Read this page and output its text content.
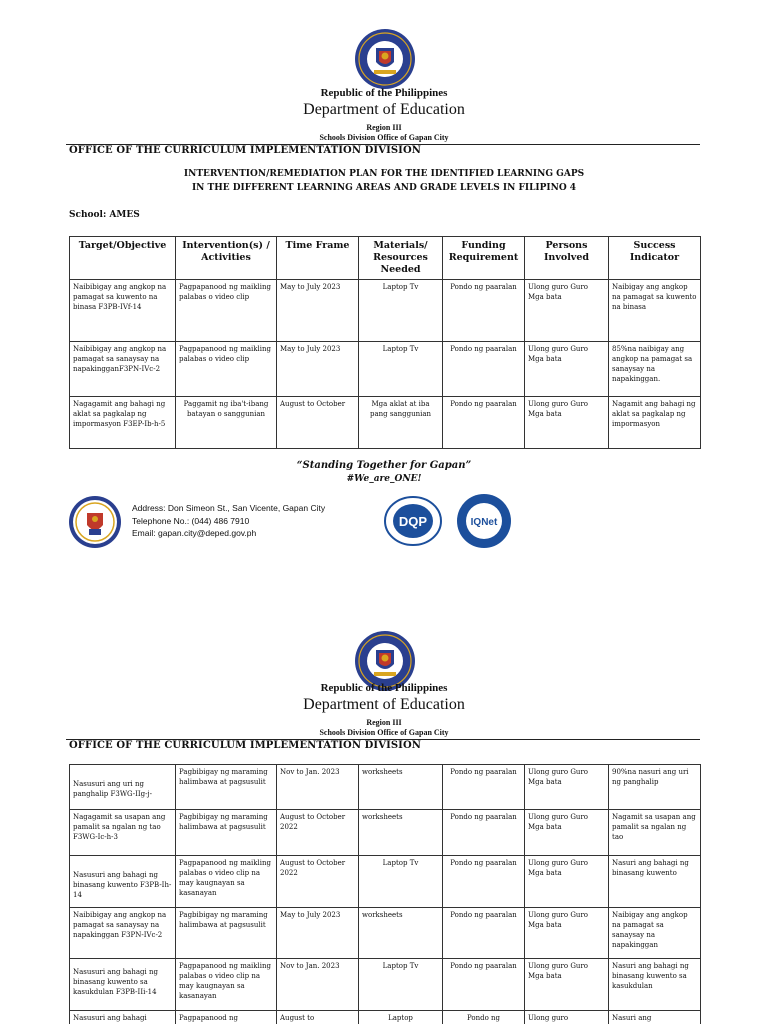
Republic of the Philippines
Department of Education
Region III
Schools Division Office of Gapan City
OFFICE OF THE CURRICULUM IMPLEMENTATION DIVISION
INTERVENTION/REMEDIATION PLAN FOR THE IDENTIFIED LEARNING GAPS
IN THE DIFFERENT LEARNING AREAS AND GRADE LEVELS IN FILIPINO 4
School: AMES
Target/Objective	Intervention(s) / Activities	Time Frame	Materials/ Resources Needed	Funding Requirement	Persons Involved	Success Indicator
Naibibigay ang angkop na pamagat sa kuwento na binasa F3PB-IVf-14	Pagpapanood ng maikling palabas o video clip	May to July 2023	Laptop Tv	Pondo ng paaralan	Ulong guro Guro Mga bata	Naibigay ang angkop na pamagat sa kuwento na binasa
Naibibigay ang angkop na pamagat sa sanaysay na napakingganF3PN-IVc-2	Pagpapanood ng maikling palabas o video clip	May to July 2023	Laptop Tv	Pondo ng paaralan	Ulong guro Guro Mga bata	85%na naibigay ang angkop na pamagat sa sanaysay na napakinggan.
Nagagamit ang bahagi ng aklat sa pagkalap ng impormasyon F3EP-Ib-h-5	Paggamit ng iba't-ibang batayan o sanggunian	August to October	Mga aklat at iba pang sanggunian	Pondo ng paaralan	Ulong guro Guro Mga bata	Nagamit ang bahagi ng aklat sa pagkalap ng impormasyon
“Standing Together for Gapan”
#We_are_ONE!
Address: Don Simeon St., San Vicente, Gapan City
Telephone No.: (044) 486 7910
Email: gapan.city@deped.gov.ph
DQP	IQNet
Republic of the Philippines
Department of Education
Region III
Schools Division Office of Gapan City
OFFICE OF THE CURRICULUM IMPLEMENTATION DIVISION
Nasusuri ang uri ng panghalip F3WG-IIg-j-	Pagbibigay ng maraming halimbawa at pagsusulit	Nov to Jan. 2023	worksheets	Pondo ng paaralan	Ulong guro Guro Mga bata	90%na nasuri ang uri ng panghalip
Nagagamit sa usapan ang pamalit sa ngalan ng tao F3WG-Ic-h-3	Pagbibigay ng maraming halimbawa at pagsusulit	August to October 2022	worksheets	Pondo ng paaralan	Ulong guro Guro Mga bata	Nagamit sa usapan ang pamalit sa ngalan ng tao
Nasusuri ang bahagi ng binasang kuwento F3PB-Ih-14	Pagpapanood ng maikling palabas o video clip na may kaugnayan sa kasanayan	August to October 2022	Laptop Tv	Pondo ng paaralan	Ulong guro Guro Mga bata	Nasuri ang bahagi ng binasang kuwento
Naibibigay ang angkop na pamagat sa sanaysay na napakinggan F3PN-IVc-2	Pagbibigay ng maraming halimbawa at pagsusulit	May to July 2023	worksheets	Pondo ng paaralan	Ulong guro Guro Mga bata	Naibigay ang angkop na pamagat sa sanaysay na napakinggan
Nasusuri ang bahagi ng binasang kuwento sa kasukdulan F3PB-IIi-14	Pagpapanood ng maikling palabas o video clip na may kaugnayan sa kasanayan	Nov to Jan. 2023	Laptop Tv	Pondo ng paaralan	Ulong guro Guro Mga bata	Nasuri ang bahagi ng binasang kuwento sa kasukdulan
Nasusuri ang bahagi	Pagpapanood ng	August to	Laptop	Pondo ng	Ulong guro	Nasuri ang
